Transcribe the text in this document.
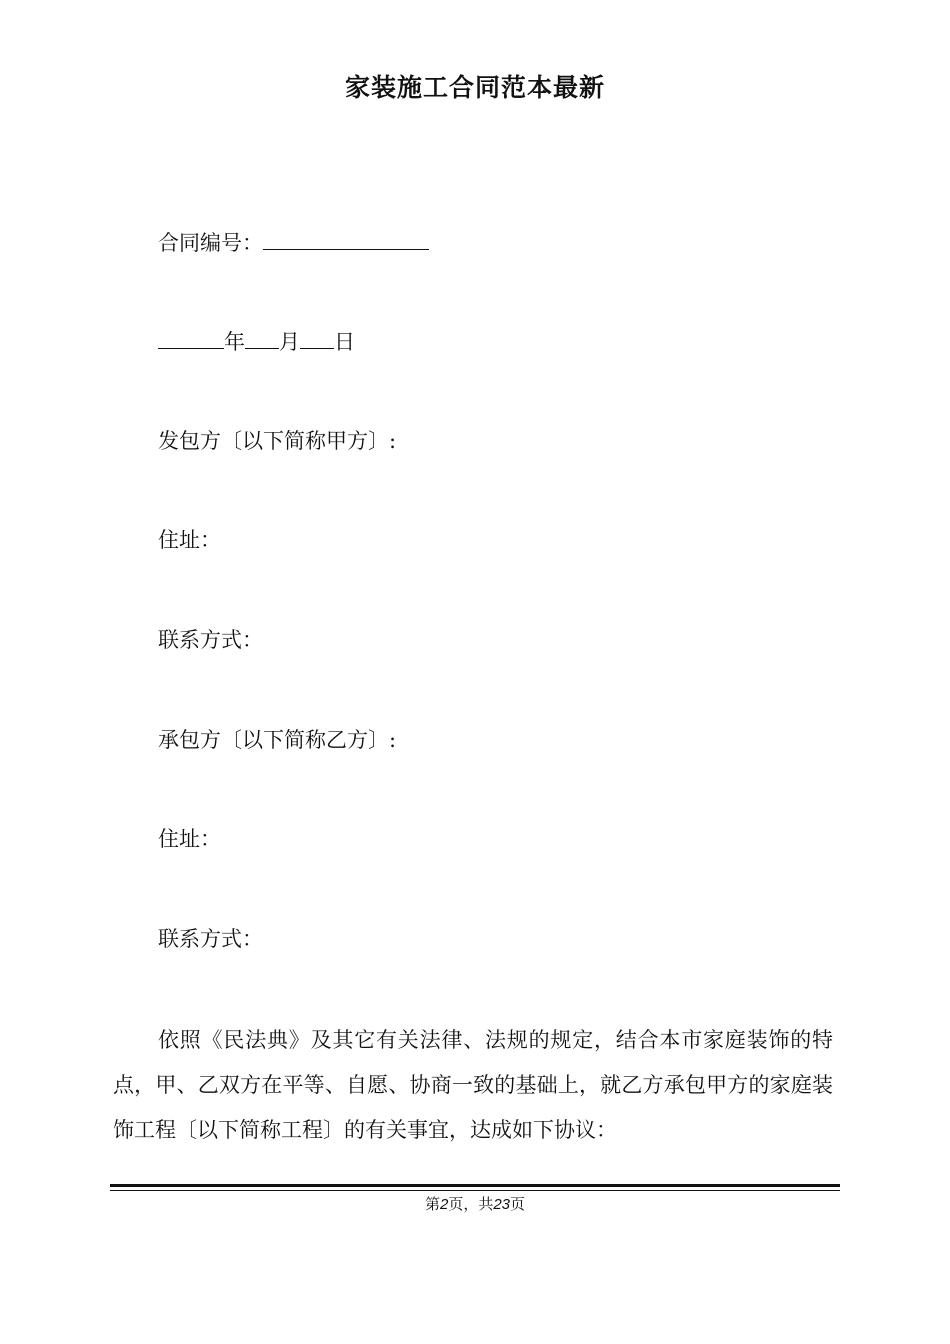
家装施工合同范本最新
合同编号：
年 月 日
发包方〔以下简称甲方〕:
住址：
联系方式：
承包方〔以下简称乙方〕:
住址：
联系方式：

依照《民法典》及其它有关法律、法规的规定，结合本市家庭装饰的特点，甲、乙双方在平等、自愿、协商一致的基础上，就乙方承包甲方的家庭装饰工程〔以下简称工程〕的有关事宜，达成如下协议：

第2页，共23页
